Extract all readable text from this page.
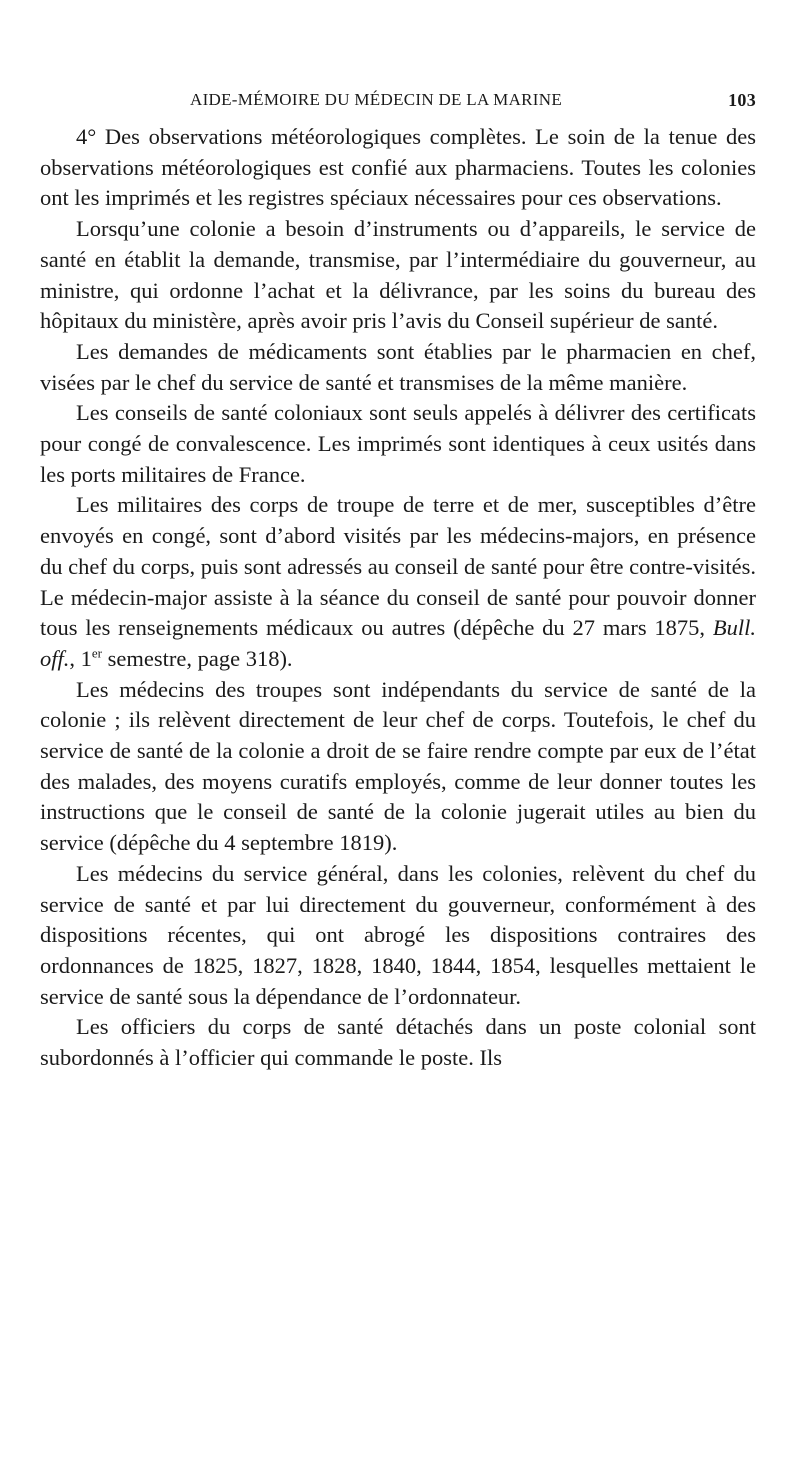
AIDE-MÉMOIRE DU MÉDECIN DE LA MARINE	103

4° Des observations météorologiques complètes. Le soin de la tenue des observations météorologiques est confié aux pharmaciens. Toutes les colonies ont les imprimés et les registres spéciaux nécessaires pour ces observations.

Lorsqu’une colonie a besoin d’instruments ou d’appareils, le service de santé en établit la demande, transmise, par l’intermédiaire du gouverneur, au ministre, qui ordonne l’achat et la délivrance, par les soins du bureau des hôpitaux du ministère, après avoir pris l’avis du Conseil supérieur de santé.

Les demandes de médicaments sont établies par le pharmacien en chef, visées par le chef du service de santé et transmises de la même manière.

Les conseils de santé coloniaux sont seuls appelés à délivrer des certificats pour congé de convalescence. Les imprimés sont identiques à ceux usités dans les ports militaires de France.

Les militaires des corps de troupe de terre et de mer, susceptibles d’être envoyés en congé, sont d’abord visités par les médecins-majors, en présence du chef du corps, puis sont adressés au conseil de santé pour être contre-visités. Le médecin-major assiste à la séance du conseil de santé pour pouvoir donner tous les renseignements médicaux ou autres (dépêche du 27 mars 1875, Bull. off., 1er semestre, page 318).

Les médecins des troupes sont indépendants du service de santé de la colonie ; ils relèvent directement de leur chef de corps. Toutefois, le chef du service de santé de la colonie a droit de se faire rendre compte par eux de l’état des malades, des moyens curatifs employés, comme de leur donner toutes les instructions que le conseil de santé de la colonie jugerait utiles au bien du service (dépêche du 4 septembre 1819).

Les médecins du service général, dans les colonies, relèvent du chef du service de santé et par lui directement du gouverneur, conformément à des dispositions récentes, qui ont abrogé les dispositions contraires des ordonnances de 1825, 1827, 1828, 1840, 1844, 1854, lesquelles mettaient le service de santé sous la dépendance de l’ordonnateur.

Les officiers du corps de santé détachés dans un poste colonial sont subordonnés à l’officier qui commande le poste. Ils
